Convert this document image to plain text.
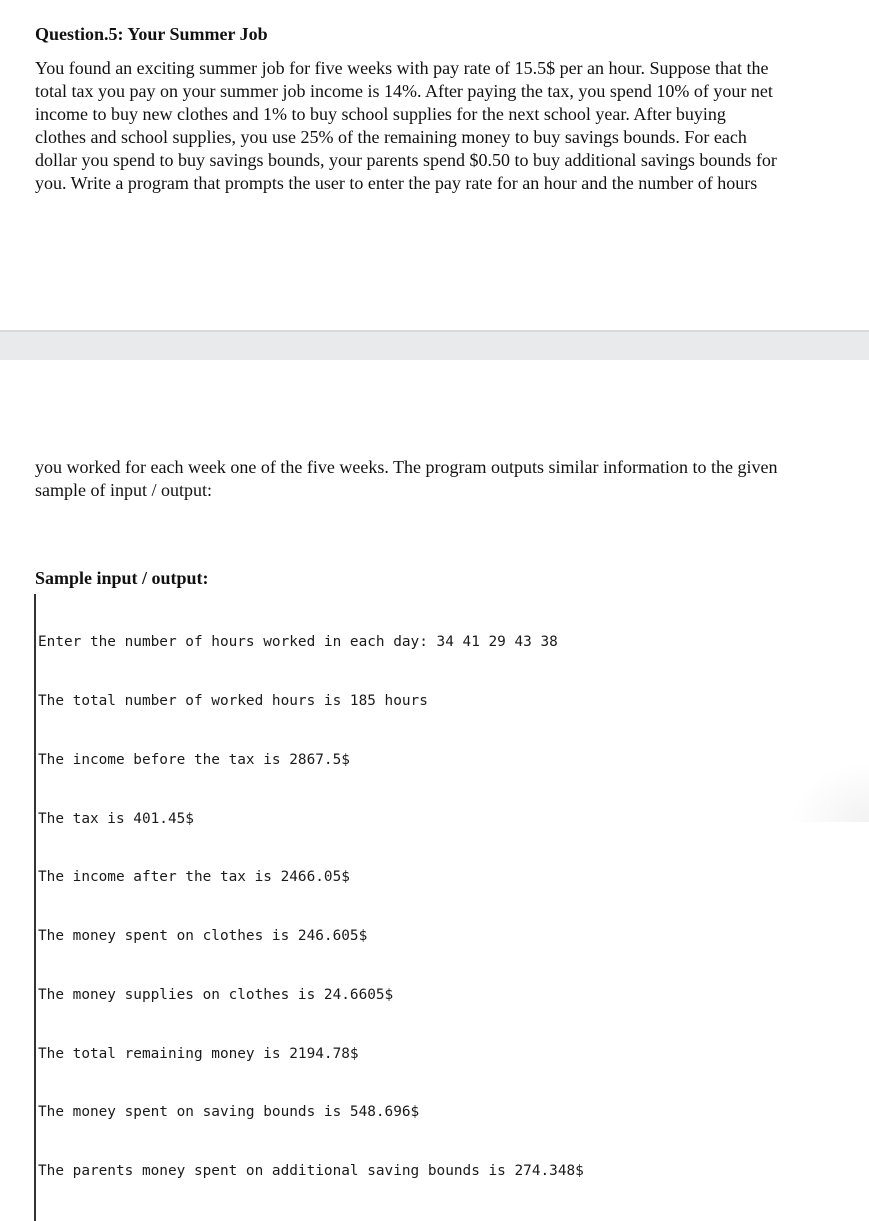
Question.5: Your Summer Job

You found an exciting summer job for five weeks with pay rate of 15.5$ per an hour. Suppose that the
total tax you pay on your summer job income is 14%. After paying the tax, you spend 10% of your net
income to buy new clothes and 1% to buy school supplies for the next school year. After buying
clothes and school supplies, you use 25% of the remaining money to buy savings bounds. For each
dollar you spend to buy savings bounds, your parents spend $0.50 to buy additional savings bounds for
you. Write a program that prompts the user to enter the pay rate for an hour and the number of hours

you worked for each week one of the five weeks. The program outputs similar information to the given
sample of input / output:

Sample input / output:

Enter the number of hours worked in each day: 34 41 29 43 38

The total number of worked hours is 185 hours

The income before the tax is 2867.5$

The tax is 401.45$

The income after the tax is 2466.05$

The money spent on clothes is 246.605$

The money supplies on clothes is 24.6605$

The total remaining money is 2194.78$

The money spent on saving bounds is 548.696$

The parents money spent on additional saving bounds is 274.348$
